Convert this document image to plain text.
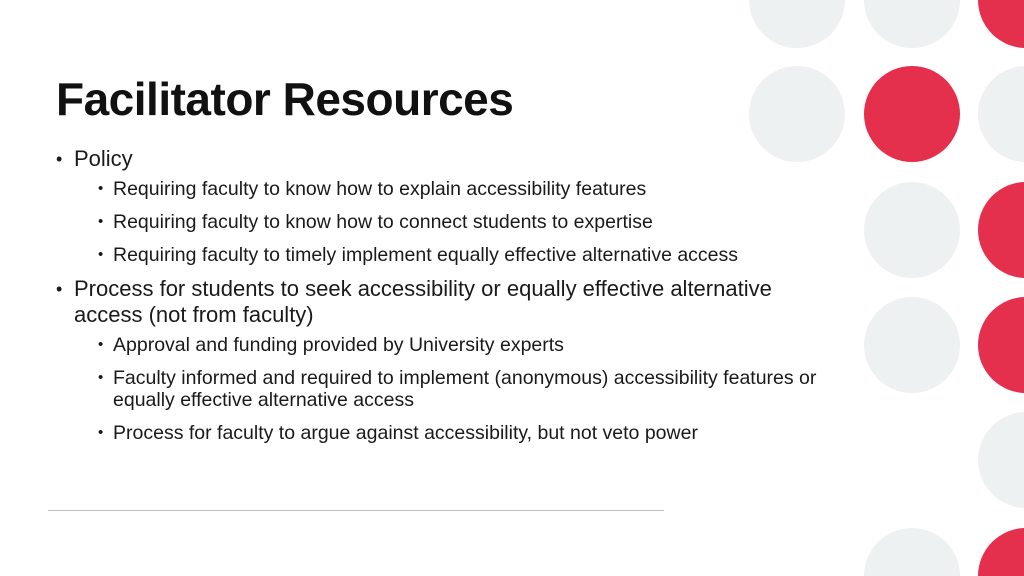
Facilitator Resources
• Policy
• Requiring faculty to know how to explain accessibility features
• Requiring faculty to know how to connect students to expertise
• Requiring faculty to timely implement equally effective alternative access
• Process for students to seek accessibility or equally effective alternative access (not from faculty)
• Approval and funding provided by University experts
• Faculty informed and required to implement (anonymous) accessibility features or equally effective alternative access
• Process for faculty to argue against accessibility, but not veto power
